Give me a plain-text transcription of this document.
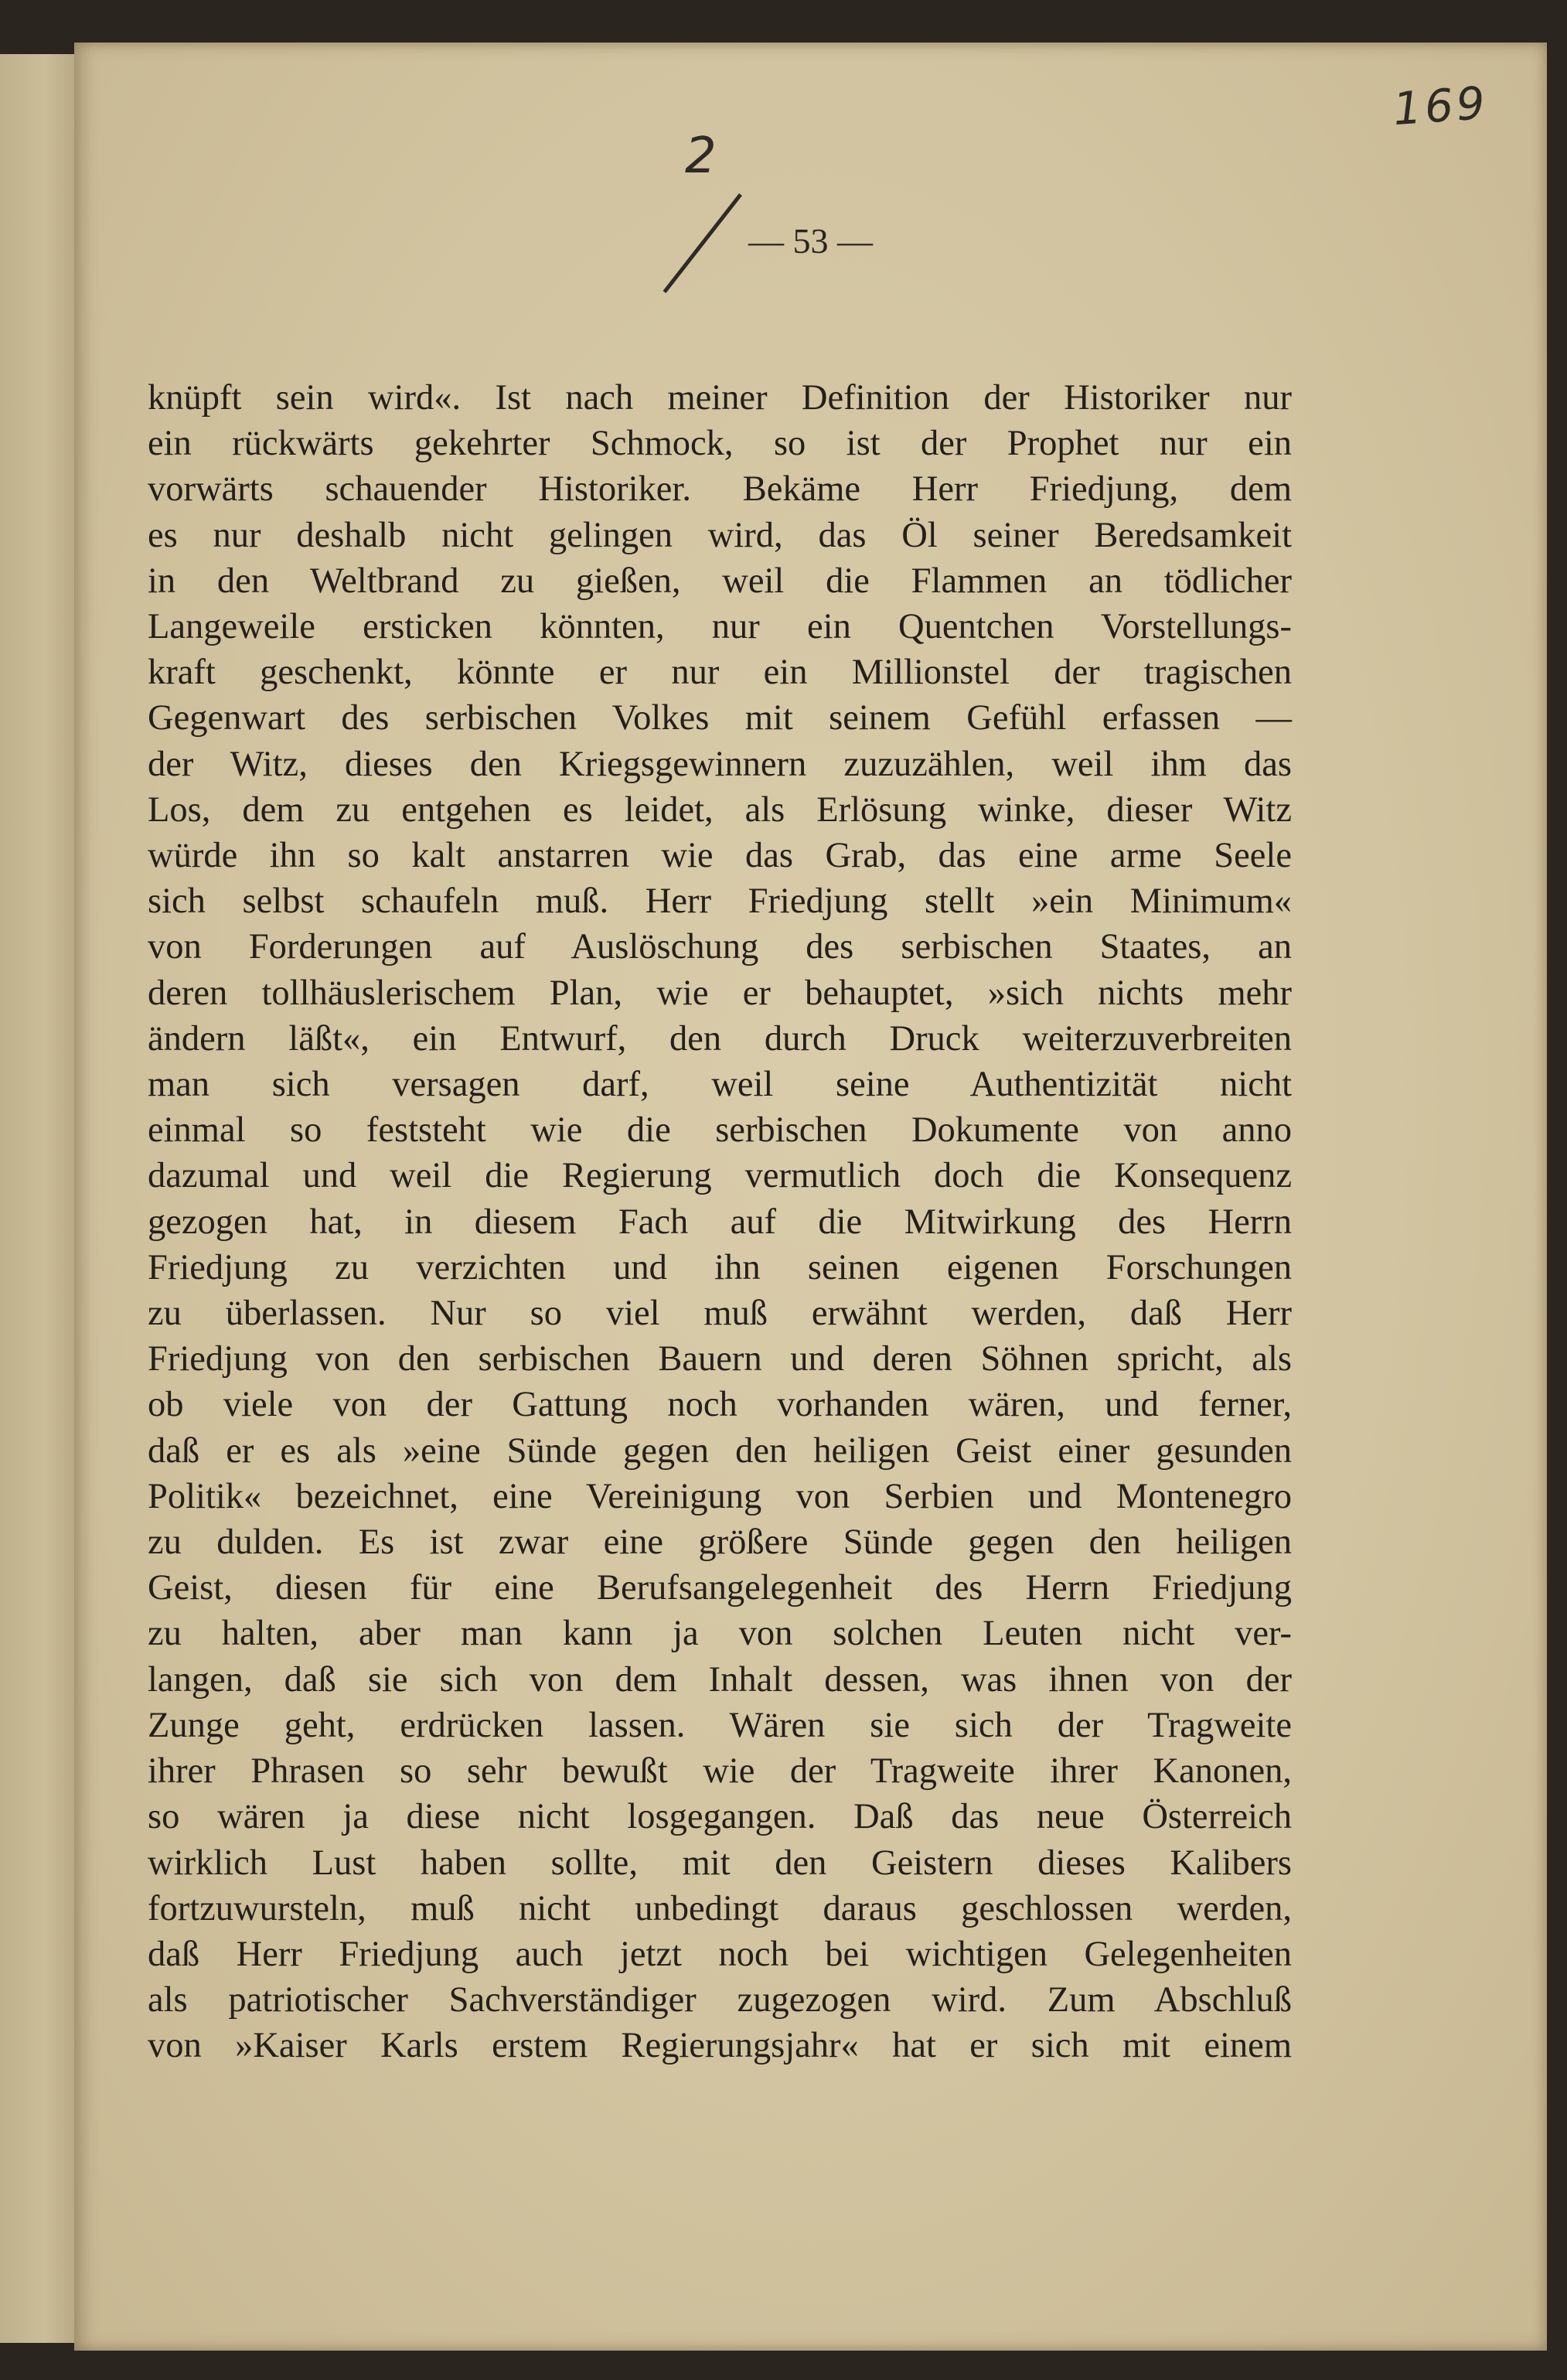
169
2
— 53 —
knüpft sein wird«. Ist nach meiner Definition der Historiker nur
ein rückwärts gekehrter Schmock, so ist der Prophet nur ein
vorwärts schauender Historiker. Bekäme Herr Friedjung, dem
es nur deshalb nicht gelingen wird, das Öl seiner Beredsamkeit
in den Weltbrand zu gießen, weil die Flammen an tödlicher
Langeweile ersticken könnten, nur ein Quentchen Vorstellungs-
kraft geschenkt, könnte er nur ein Millionstel der tragischen
Gegenwart des serbischen Volkes mit seinem Gefühl erfassen —
der Witz, dieses den Kriegsgewinnern zuzuzählen, weil ihm das
Los, dem zu entgehen es leidet, als Erlösung winke, dieser Witz
würde ihn so kalt anstarren wie das Grab, das eine arme Seele
sich selbst schaufeln muß. Herr Friedjung stellt »ein Minimum«
von Forderungen auf Auslöschung des serbischen Staates, an
deren tollhäuslerischem Plan, wie er behauptet, »sich nichts mehr
ändern läßt«, ein Entwurf, den durch Druck weiterzuverbreiten
man sich versagen darf, weil seine Authentizität nicht
einmal so feststeht wie die serbischen Dokumente von anno
dazumal und weil die Regierung vermutlich doch die Konsequenz
gezogen hat, in diesem Fach auf die Mitwirkung des Herrn
Friedjung zu verzichten und ihn seinen eigenen Forschungen
zu überlassen. Nur so viel muß erwähnt werden, daß Herr
Friedjung von den serbischen Bauern und deren Söhnen spricht, als
ob viele von der Gattung noch vorhanden wären, und ferner,
daß er es als »eine Sünde gegen den heiligen Geist einer gesunden
Politik« bezeichnet, eine Vereinigung von Serbien und Montenegro
zu dulden. Es ist zwar eine größere Sünde gegen den heiligen
Geist, diesen für eine Berufsangelegenheit des Herrn Friedjung
zu halten, aber man kann ja von solchen Leuten nicht ver-
langen, daß sie sich von dem Inhalt dessen, was ihnen von der
Zunge geht, erdrücken lassen. Wären sie sich der Tragweite
ihrer Phrasen so sehr bewußt wie der Tragweite ihrer Kanonen,
so wären ja diese nicht losgegangen. Daß das neue Österreich
wirklich Lust haben sollte, mit den Geistern dieses Kalibers
fortzuwursteln, muß nicht unbedingt daraus geschlossen werden,
daß Herr Friedjung auch jetzt noch bei wichtigen Gelegenheiten
als patriotischer Sachverständiger zugezogen wird. Zum Abschluß
von »Kaiser Karls erstem Regierungsjahr« hat er sich mit einem
